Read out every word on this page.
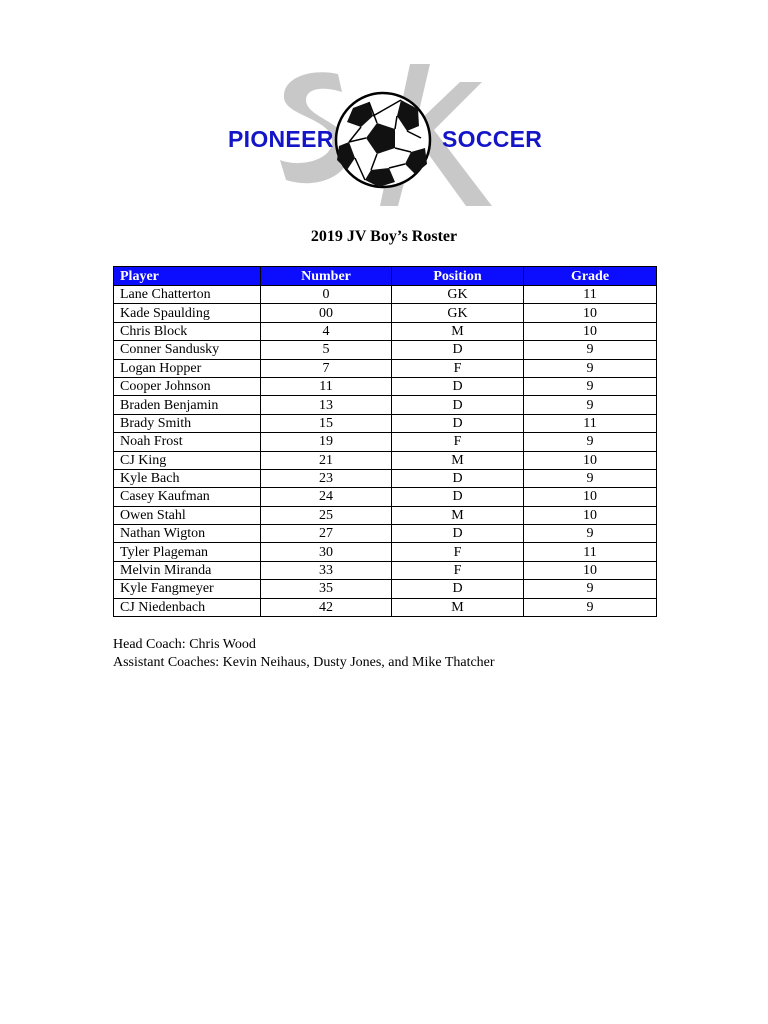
PIONEER	SOCCER
2019 JV Boy’s Roster
Player	Number	Position	Grade
Lane Chatterton	0	GK	11
Kade Spaulding	00	GK	10
Chris Block	4	M	10
Conner Sandusky	5	D	9
Logan Hopper	7	F	9
Cooper Johnson	11	D	9
Braden Benjamin	13	D	9
Brady Smith	15	D	11
Noah Frost	19	F	9
CJ King	21	M	10
Kyle Bach	23	D	9
Casey Kaufman	24	D	10
Owen Stahl	25	M	10
Nathan Wigton	27	D	9
Tyler Plageman	30	F	11
Melvin Miranda	33	F	10
Kyle Fangmeyer	35	D	9
CJ Niedenbach	42	M	9
Head Coach: Chris Wood
Assistant Coaches: Kevin Neihaus, Dusty Jones, and Mike Thatcher
